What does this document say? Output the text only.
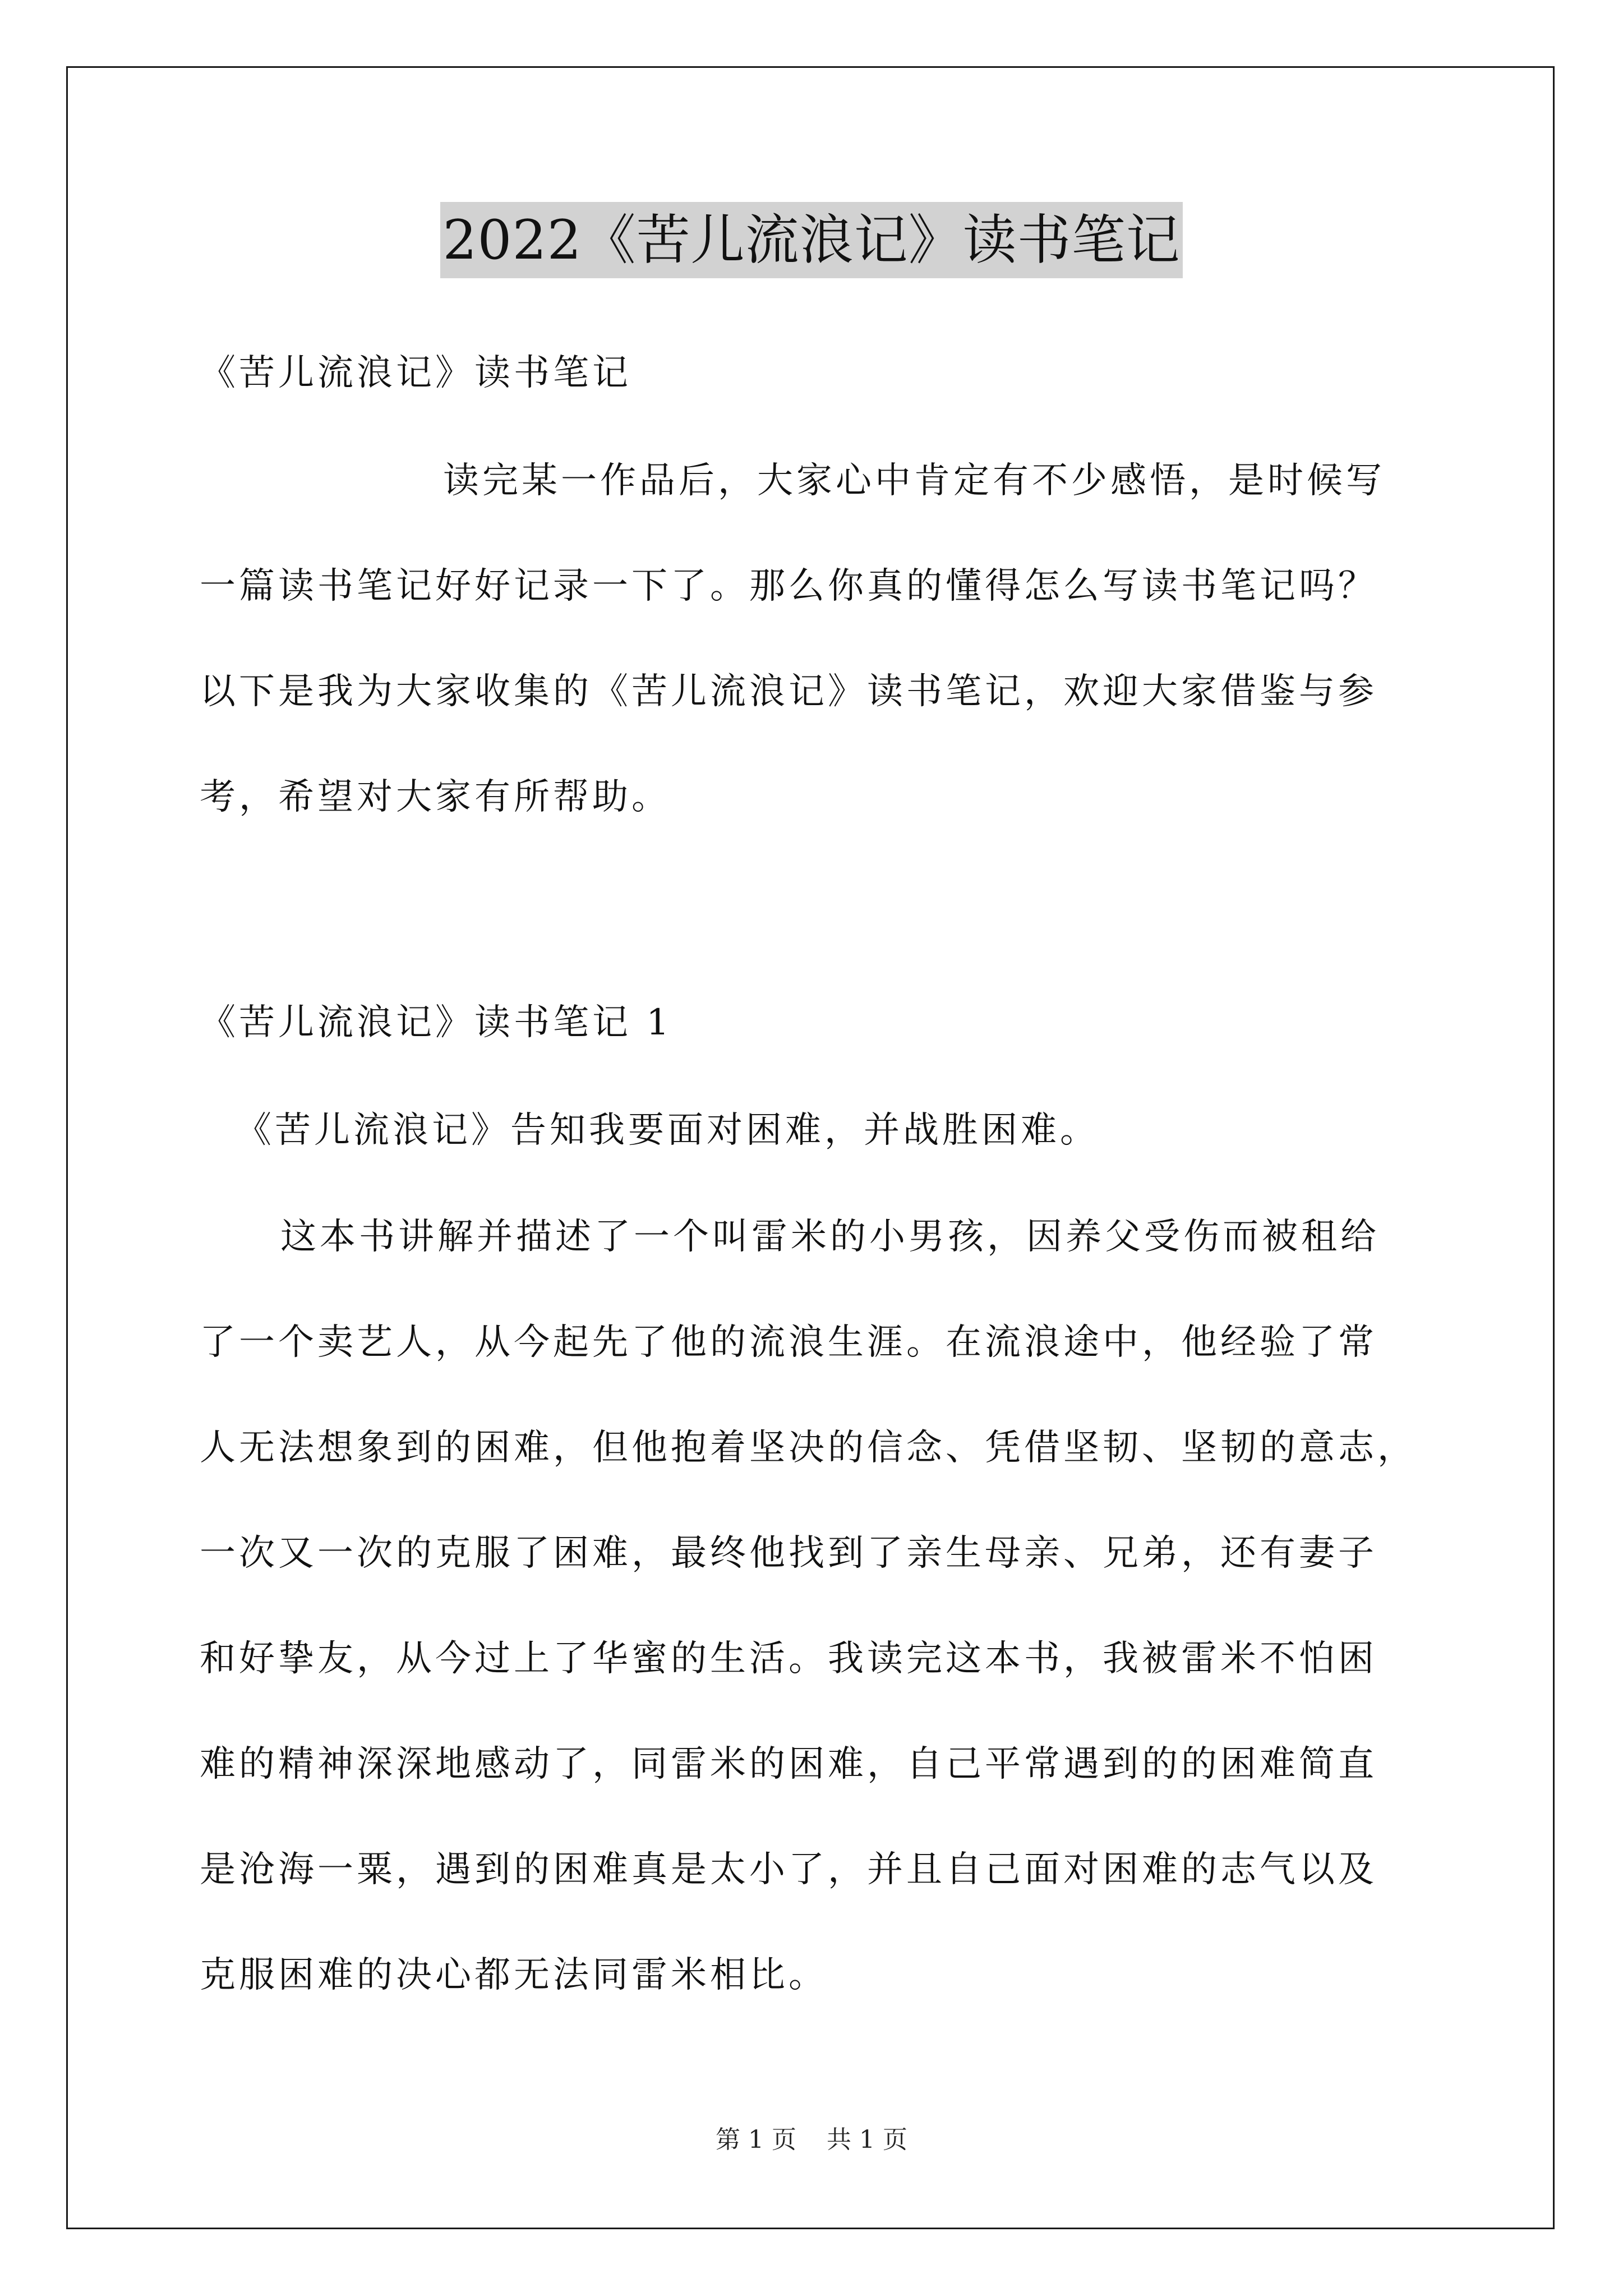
2022《苦儿流浪记》读书笔记
《苦儿流浪记》读书笔记
读完某一作品后，大家心中肯定有不少感悟，是时候写
一篇读书笔记好好记录一下了。那么你真的懂得怎么写读书笔记吗？
以下是我为大家收集的《苦儿流浪记》读书笔记，欢迎大家借鉴与参
考，希望对大家有所帮助。
《苦儿流浪记》读书笔记 1
《苦儿流浪记》告知我要面对困难，并战胜困难。
这本书讲解并描述了一个叫雷米的小男孩，因养父受伤而被租给
了一个卖艺人，从今起先了他的流浪生涯。在流浪途中，他经验了常
人无法想象到的困难，但他抱着坚决的信念、凭借坚韧、坚韧的意志，
一次又一次的克服了困难，最终他找到了亲生母亲、兄弟，还有妻子
和好挚友，从今过上了华蜜的生活。我读完这本书，我被雷米不怕困
难的精神深深地感动了，同雷米的困难，自己平常遇到的的困难简直
是沧海一粟，遇到的困难真是太小了，并且自己面对困难的志气以及
克服困难的决心都无法同雷米相比。
第 1 页 共 1 页
